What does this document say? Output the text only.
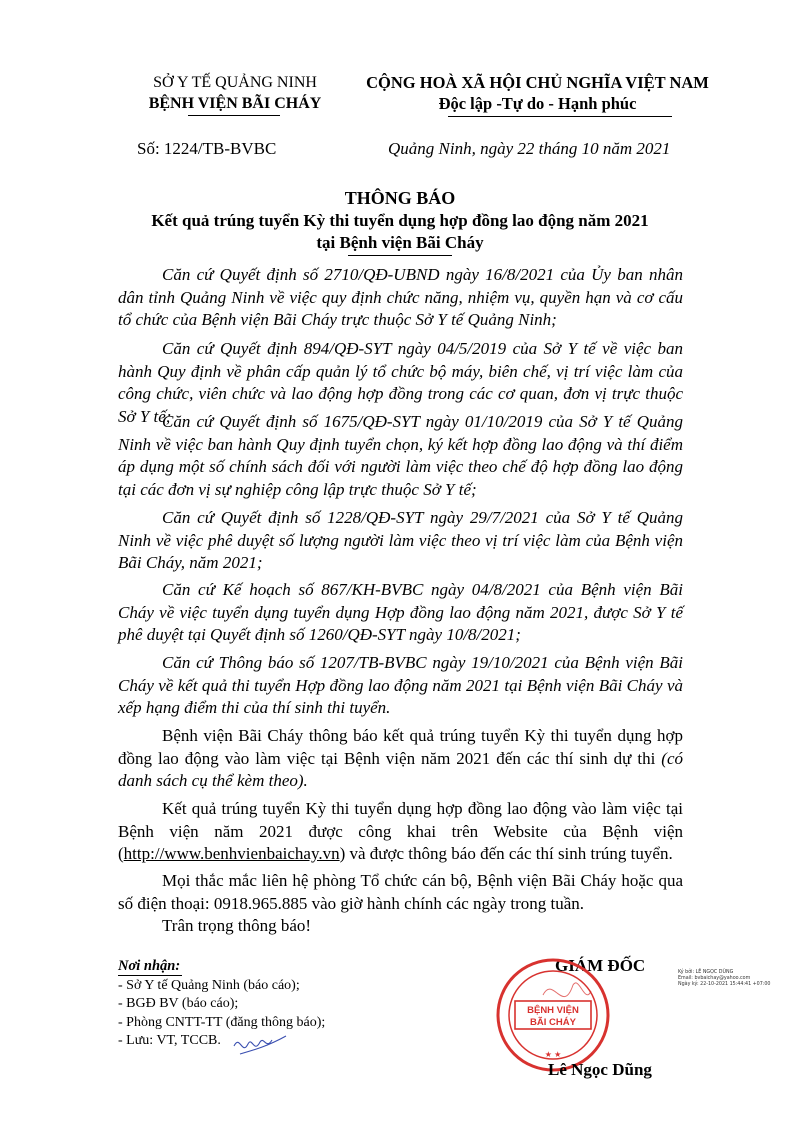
SỞ Y TẾ QUẢNG NINH
BỆNH VIỆN BÃI CHÁY
CỘNG HOÀ XÃ HỘI CHỦ NGHĨA VIỆT NAM
Độc lập -Tự do - Hạnh phúc
Số: 1224/TB-BVBC	Quảng Ninh, ngày 22 tháng 10 năm 2021
THÔNG BÁO
Kết quả trúng tuyển Kỳ thi tuyển dụng hợp đồng lao động năm 2021
tại Bệnh viện Bãi Cháy
Căn cứ Quyết định số 2710/QĐ-UBND ngày 16/8/2021 của Ủy ban nhân dân tỉnh Quảng Ninh về việc quy định chức năng, nhiệm vụ, quyền hạn và cơ cấu tổ chức của Bệnh viện Bãi Cháy trực thuộc Sở Y tế Quảng Ninh;
Căn cứ Quyết định 894/QĐ-SYT ngày 04/5/2019 của Sở Y tế về việc ban hành Quy định về phân cấp quản lý tổ chức bộ máy, biên chế, vị trí việc làm của công chức, viên chức và lao động hợp đồng trong các cơ quan, đơn vị trực thuộc Sở Y tế;
Căn cứ Quyết định số 1675/QĐ-SYT ngày 01/10/2019 của Sở Y tế Quảng Ninh về việc ban hành Quy định tuyển chọn, ký kết hợp đồng lao động và thí điểm áp dụng một số chính sách đối với người làm việc theo chế độ hợp đồng lao động tại các đơn vị sự nghiệp công lập trực thuộc Sở Y tế;
Căn cứ Quyết định số 1228/QĐ-SYT ngày 29/7/2021 của Sở Y tế Quảng Ninh về việc phê duyệt số lượng người làm việc theo vị trí việc làm của Bệnh viện Bãi Cháy, năm 2021;
Căn cứ Kế hoạch số 867/KH-BVBC ngày 04/8/2021 của Bệnh viện Bãi Cháy về việc tuyển dụng tuyển dụng Hợp đồng lao động năm 2021, được Sở Y tế phê duyệt tại Quyết định số 1260/QĐ-SYT ngày 10/8/2021;
Căn cứ Thông báo số 1207/TB-BVBC ngày 19/10/2021 của Bệnh viện Bãi Cháy về kết quả thi tuyển Hợp đồng lao động năm 2021 tại Bệnh viện Bãi Cháy và xếp hạng điểm thi của thí sinh thi tuyển.
Bệnh viện Bãi Cháy thông báo kết quả trúng tuyển Kỳ thi tuyển dụng hợp đồng lao động vào làm việc tại Bệnh viện năm 2021 đến các thí sinh dự thi (có danh sách cụ thể kèm theo).
Kết quả trúng tuyển Kỳ thi tuyển dụng hợp đồng lao động vào làm việc tại Bệnh viện năm 2021 được công khai trên Website của Bệnh viện (http://www.benhvienbaichay.vn) và được thông báo đến các thí sinh trúng tuyển.
Mọi thắc mắc liên hệ phòng Tổ chức cán bộ, Bệnh viện Bãi Cháy hoặc qua số điện thoại: 0918.965.885 vào giờ hành chính các ngày trong tuần.
Trân trọng thông báo!
Nơi nhận:
- Sở Y tế Quảng Ninh (báo cáo);
- BGĐ BV (báo cáo);
- Phòng CNTT-TT (đăng thông báo);
- Lưu: VT, TCCB.
GIÁM ĐỐC
BỆNH VIỆN
BÃI CHÁY
★ ★
Ký bởi: LÊ NGỌC DŨNG
Email: bvbaichay@yahoo.com
Ngày ký: 22-10-2021 15:44:41 +07:00
Lê Ngọc Dũng
